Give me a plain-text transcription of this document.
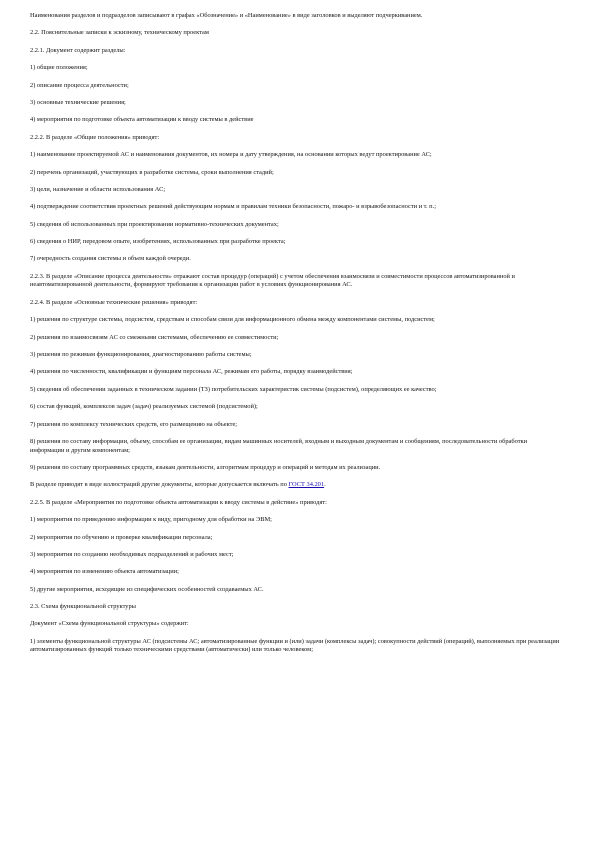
Наименования разделов и подразделов записывают в графах «Обозначение» и «Наименование» в виде заголовков и выделяют подчеркиванием.

2.2. Пояснительные записки к эскизному, техническому проектам

2.2.1. Документ содержит разделы:

1) общие положения;

2) описание процесса деятельности;

3) основные технические решения;

4) мероприятия по подготовке объекта автоматизации к вводу системы в действие

2.2.2. В разделе «Общие положения» приводят:

1) наименование проектируемой АС и наименования документов, их номера и дату утверждения, на основании которых ведут проектирование АС;

2) перечень организаций, участвующих в разработке системы, сроки выполнения стадий;

3) цели, назначение и области использования АС;

4) подтверждение соответствия проектных решений действующим нормам и правилам техники безопасности, пожаро- и взрывобезопасности и т. п.;

5) сведения об использованных при проектировании нормативно-технических документах;

6) сведения о НИР, передовом опыте, изобретениях, использованных при разработке проекта;

7) очередность создания системы и объем каждой очереди.

2.2.3. В разделе «Описание процесса деятельности» отражают состав процедур (операций) с учетом обеспечения взаимосвязи и совместимости процессов автоматизированной и неавтоматизированной деятельности, формируют требования к организации работ в условиях функционирования АС.

2.2.4. В разделе «Основные технические решения» приводят:

1) решения по структуре системы, подсистем, средствам и способам связи для информационного обмена между компонентами системы, подсистем;

2) решения по взаимосвязям АС со смежными системами, обеспечению ее совместимости;

3) решения по режимам функционирования, диагностированию работы системы;

4) решения по численности, квалификации и функциям персонала АС, режимам его работы, порядку взаимодействия;

5) сведения об обеспечении заданных в техническом задании (ТЗ) потребительских характеристик системы (подсистем), определяющих ее качество;

6) состав функций, комплексов задач (задач) реализуемых системой (подсистемой);

7) решения по комплексу технических средств, его размещению на объекте;

8) решения по составу информации, объему, способам ее организации, видам машинных носителей, входным и выходным документам и сообщениям, последовательности обработки информации и другим компонентам;

9) решения по составу программных средств, языкам деятельности, алгоритмам процедур и операций и методам их реализации.

В разделе приводят в виде иллюстраций другие документы, которые допускается включать по ГОСТ 34.201.

2.2.5. В разделе «Мероприятия по подготовке объекта автоматизации к вводу системы в действие» приводят:

1) мероприятия по приведению информации к виду, пригодному для обработки на ЭВМ;

2) мероприятия по обучению и проверке квалификации персонала;

3) мероприятия по созданию необходимых подразделений и рабочих мест;

4) мероприятия по изменению объекта автоматизации;

5) другие мероприятия, исходящие из специфических особенностей создаваемых АС.

2.3. Схема функциональной структуры

Документ «Схема функциональной структуры» содержит:

1) элементы функциональной структуры АС (подсистемы АС; автоматизированные функции и (или) задачи (комплексы задач); совокупности действий (операций), выполняемых при реализации автоматизированных функций только техническими средствами (автоматически) или только человеком;
